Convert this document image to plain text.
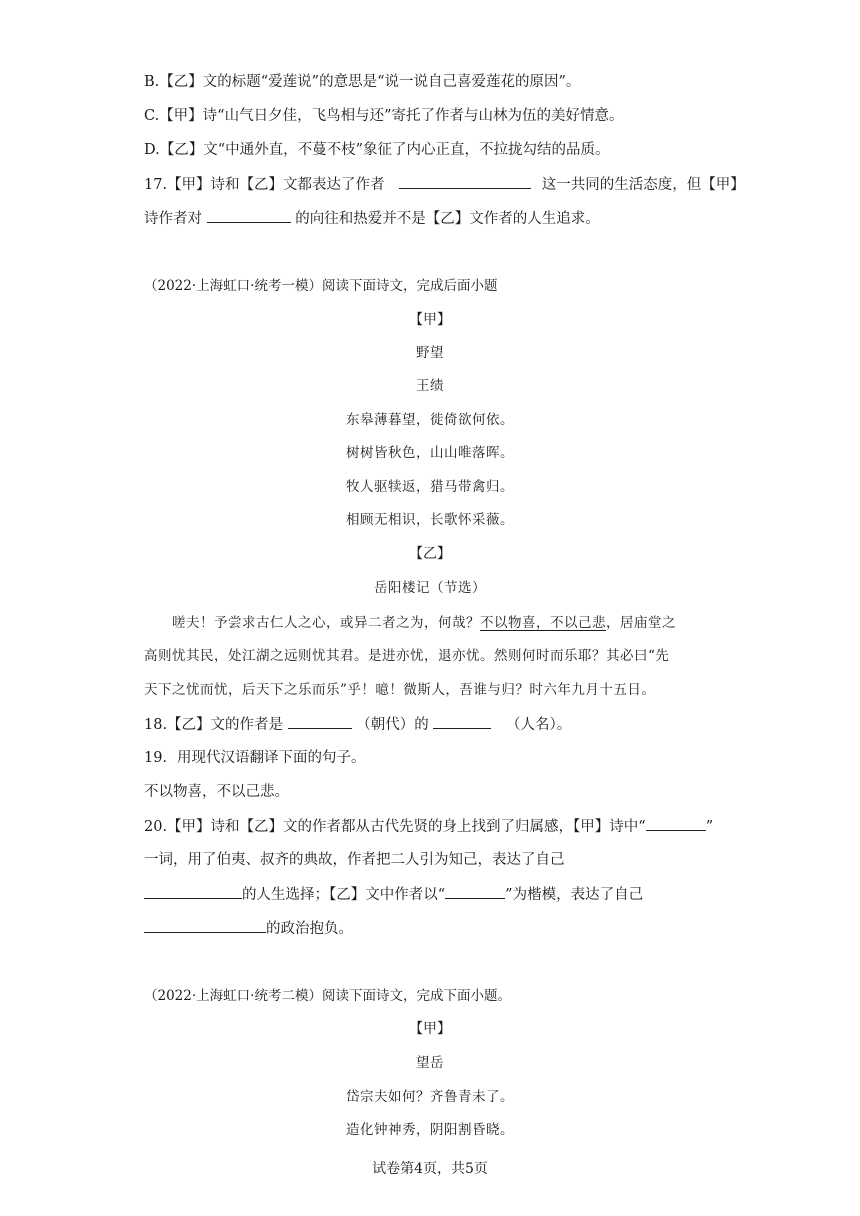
B.【乙】文的标题“爱莲说”的意思是“说一说自己喜爱莲花的原因”。
C.【甲】诗“山气日夕佳，飞鸟相与还”寄托了作者与山林为伍的美好情意。
D.【乙】文“中通外直，不蔓不枝”象征了内心正直，不拉拢勾结的品质。
17.【甲】诗和【乙】文都表达了作者	这一共同的生活态度，但【甲】
诗作者对	的向往和热爱并不是【乙】文作者的人生追求。
（2022·上海虹口·统考一模）阅读下面诗文，完成后面小题
【甲】
野望
王绩
东皋薄暮望，徙倚欲何依。
树树皆秋色，山山唯落晖。
牧人驱犊返，猎马带禽归。
相顾无相识，长歌怀采薇。
【乙】
岳阳楼记（节选）
嗟夫！予尝求古仁人之心，或异二者之为，何哉？不以物喜，不以己悲，居庙堂之
高则忧其民，处江湖之远则忧其君。是进亦忧，退亦忧。然则何时而乐耶？其必曰“先
天下之忧而忧，后天下之乐而乐”乎！噫！微斯人，吾谁与归？时六年九月十五日。
18.【乙】文的作者是	（朝代）的	（人名）。
19．用现代汉语翻译下面的句子。
不以物喜，不以己悲。
20.【甲】诗和【乙】文的作者都从古代先贤的身上找到了归属感，【甲】诗中“	”
一词，用了伯夷、叔齐的典故，作者把二人引为知己，表达了自己
的人生选择；【乙】文中作者以“	”为楷模，表达了自己
的政治抱负。
（2022·上海虹口·统考二模）阅读下面诗文，完成下面小题。
【甲】
望岳
岱宗夫如何？齐鲁青未了。
造化钟神秀，阴阳割昏晓。
试卷第4页，共5页
